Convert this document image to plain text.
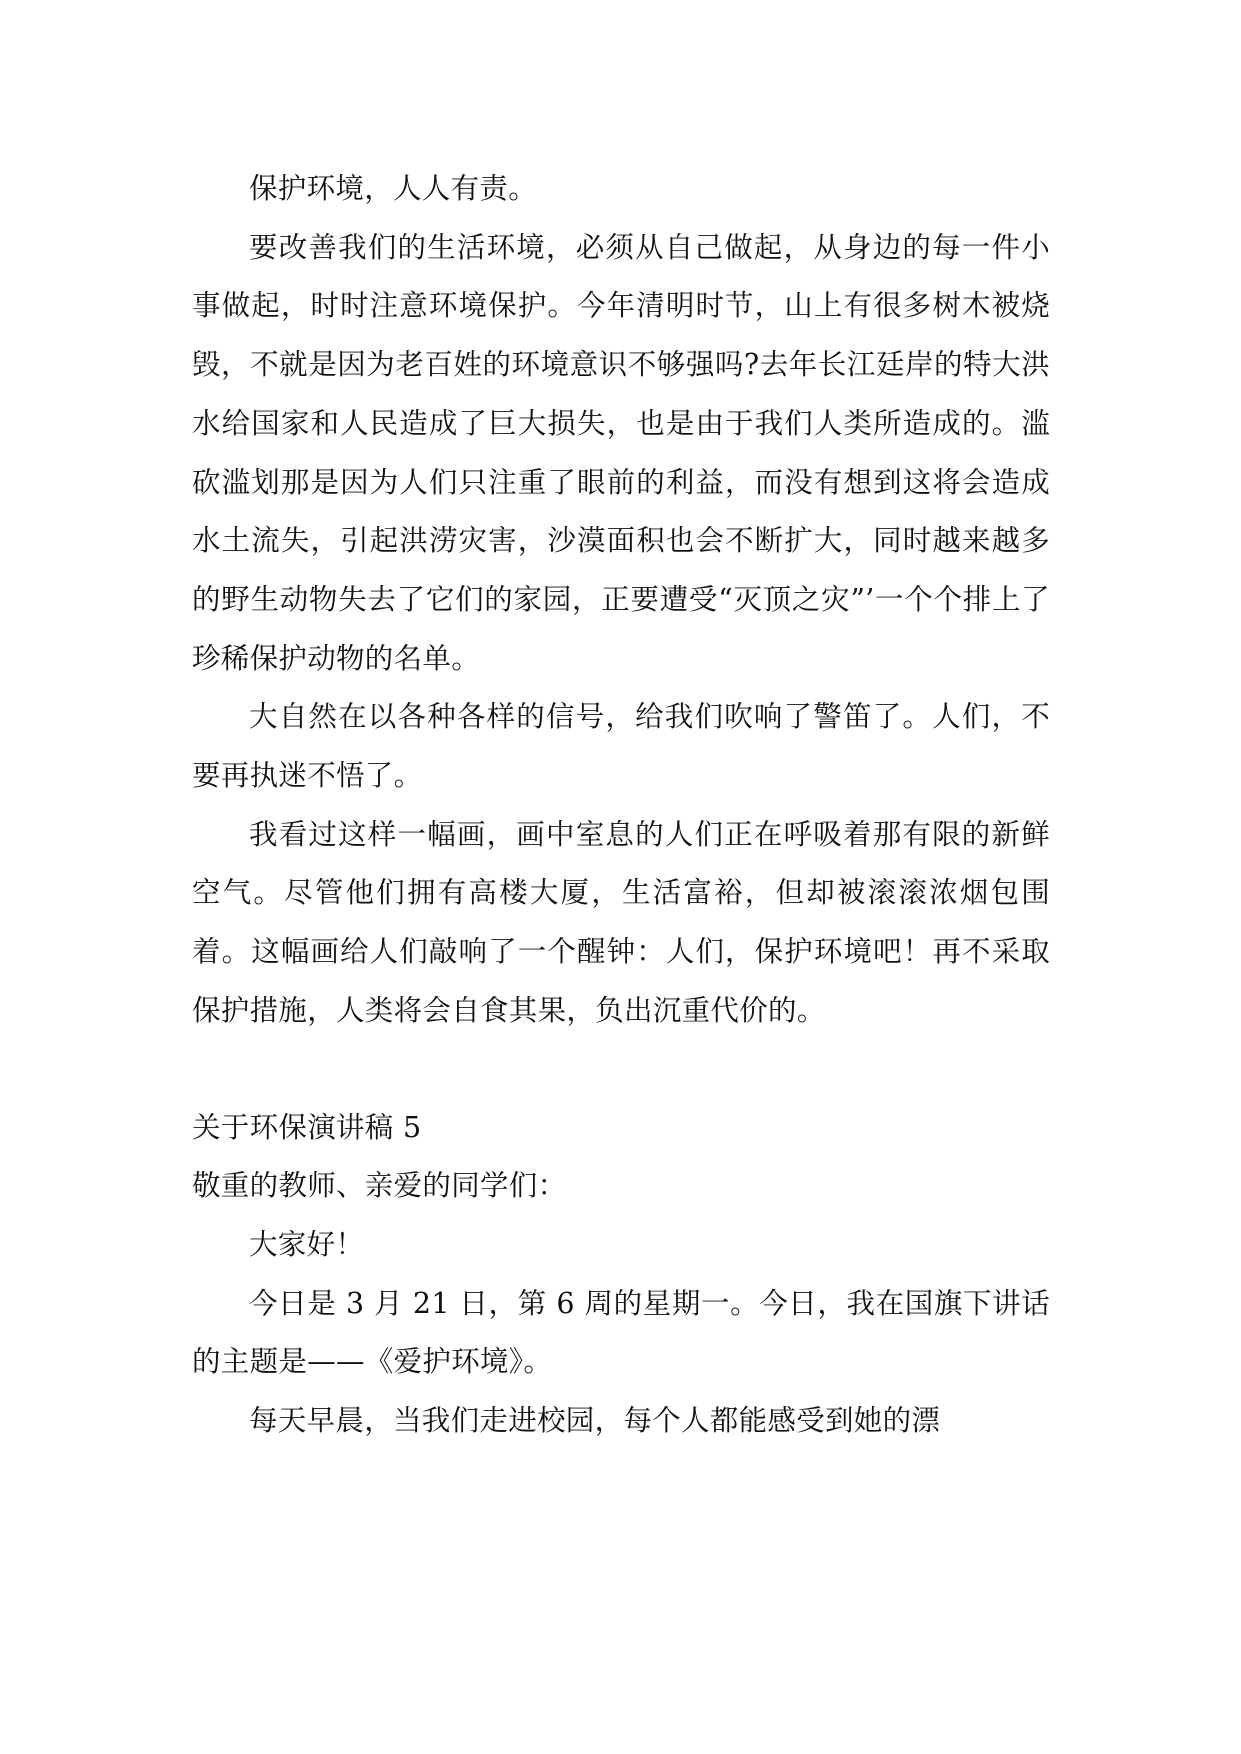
保护环境，人人有责。

要改善我们的生活环境，必须从自己做起，从身边的每一件小事做起，时时注意环境保护。今年清明时节，山上有很多树木被烧毁，不就是因为老百姓的环境意识不够强吗?去年长江廷岸的特大洪水给国家和人民造成了巨大损失，也是由于我们人类所造成的。滥砍滥划那是因为人们只注重了眼前的利益，而没有想到这将会造成水土流失，引起洪涝灾害，沙漠面积也会不断扩大，同时越来越多的野生动物失去了它们的家园，正要遭受“灭顶之灾”’一个个排上了珍稀保护动物的名单。

大自然在以各种各样的信号，给我们吹响了警笛了。人们，不要再执迷不悟了。

我看过这样一幅画，画中室息的人们正在呼吸着那有限的新鲜空气。尽管他们拥有高楼大厦，生活富裕，但却被滚滚浓烟包围着。这幅画给人们敲响了一个醒钟：人们，保护环境吧！再不采取保护措施，人类将会自食其果，负出沉重代价的。

关于环保演讲稿 5

敬重的教师、亲爱的同学们：

大家好！

今日是 3 月 21 日，第 6 周的星期一。今日，我在国旗下讲话的主题是——《爱护环境》。

每天早晨，当我们走进校园，每个人都能感受到她的漂
